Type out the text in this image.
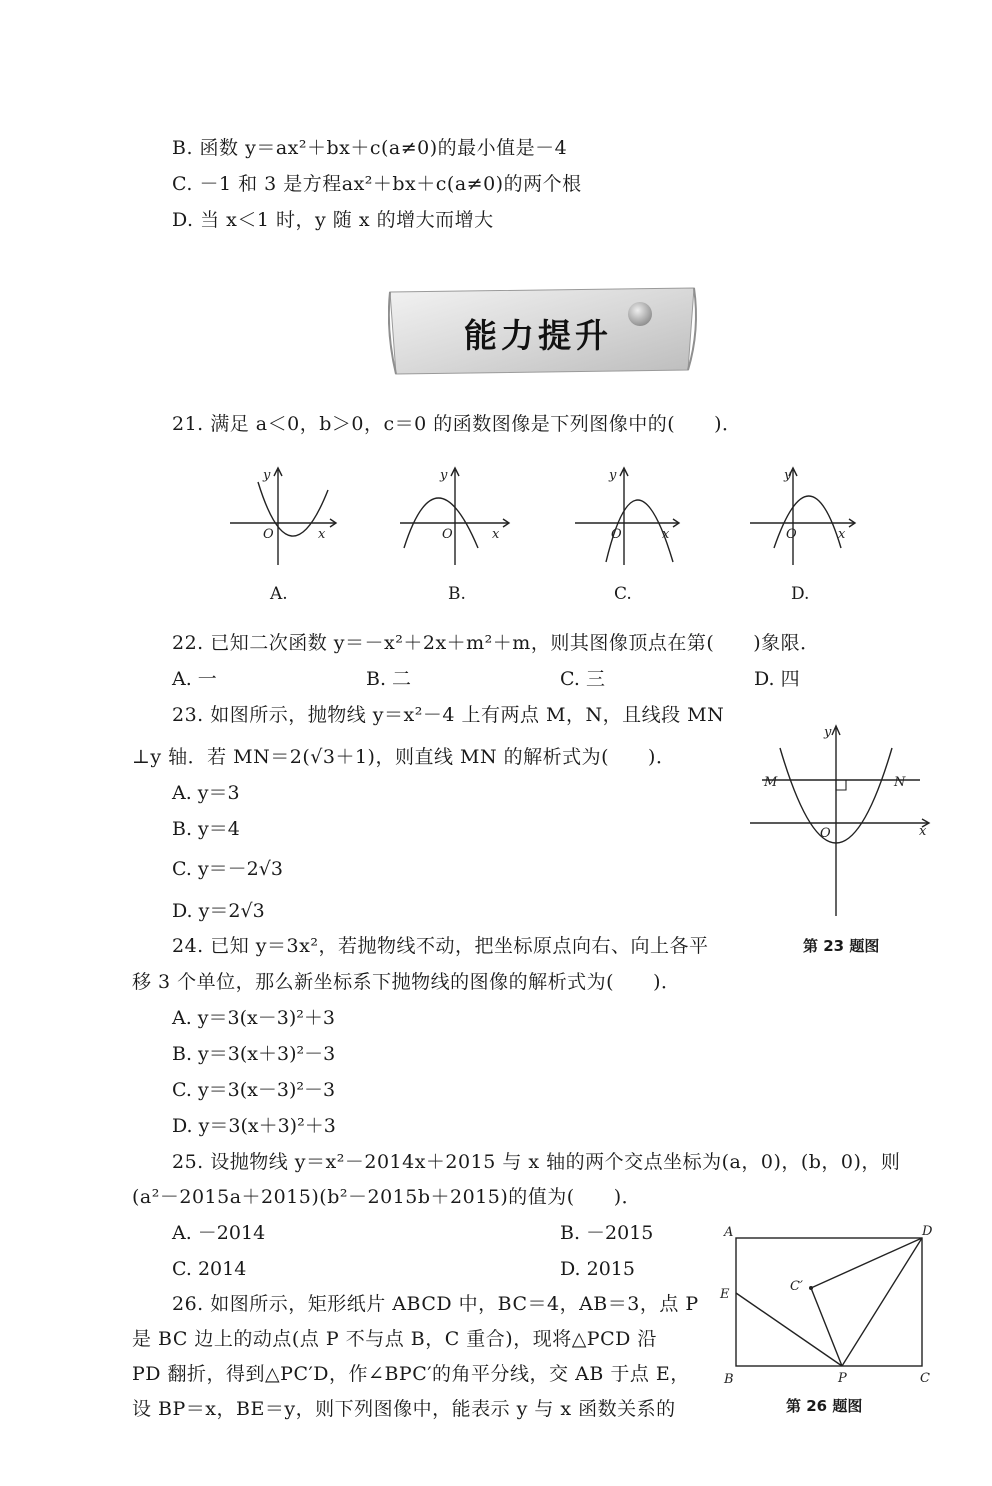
B. 函数 y＝ax²＋bx＋c(a≠0)的最小值是－4
C. －1 和 3 是方程ax²＋bx＋c(a≠0)的两个根
D. 当 x＜1 时，y 随 x 的增大而增大
能力提升
21. 满足 a＜0，b＞0，c＝0 的函数图像是下列图像中的(　　)．
y
O	x
y
O	x
y
O	x
y
O	x
A.	B.	C.	D.
22. 已知二次函数 y＝－x²＋2x＋m²＋m，则其图像顶点在第(　　)象限．
A. 一	B. 二	C. 三	D. 四
23. 如图所示，抛物线 y＝x²－4 上有两点 M，N，且线段 MN
⊥y 轴．若 MN＝2(√3＋1)，则直线 MN 的解析式为(　　)．
A. y＝3
B. y＝4
C. y＝－2√3
D. y＝2√3
y
x
O
M	N
第 23 题图
24. 已知 y＝3x²，若抛物线不动，把坐标原点向右、向上各平
移 3 个单位，那么新坐标系下抛物线的图像的解析式为(　　)．
A. y＝3(x－3)²＋3
B. y＝3(x＋3)²－3
C. y＝3(x－3)²－3
D. y＝3(x＋3)²＋3
25. 设抛物线 y＝x²－2014x＋2015 与 x 轴的两个交点坐标为(a，0)，(b，0)，则
(a²－2015a＋2015)(b²－2015b＋2015)的值为(　　)．
A. －2014	B. －2015
C. 2014	D. 2015
26. 如图所示，矩形纸片 ABCD 中，BC＝4，AB＝3，点 P
是 BC 边上的动点(点 P 不与点 B，C 重合)，现将△PCD 沿
PD 翻折，得到△PC′D，作∠BPC′的角平分线，交 AB 于点 E，
设 BP＝x，BE＝y，则下列图像中，能表示 y 与 x 函数关系的
A	D
E
C′
B	P	C
第 26 题图
